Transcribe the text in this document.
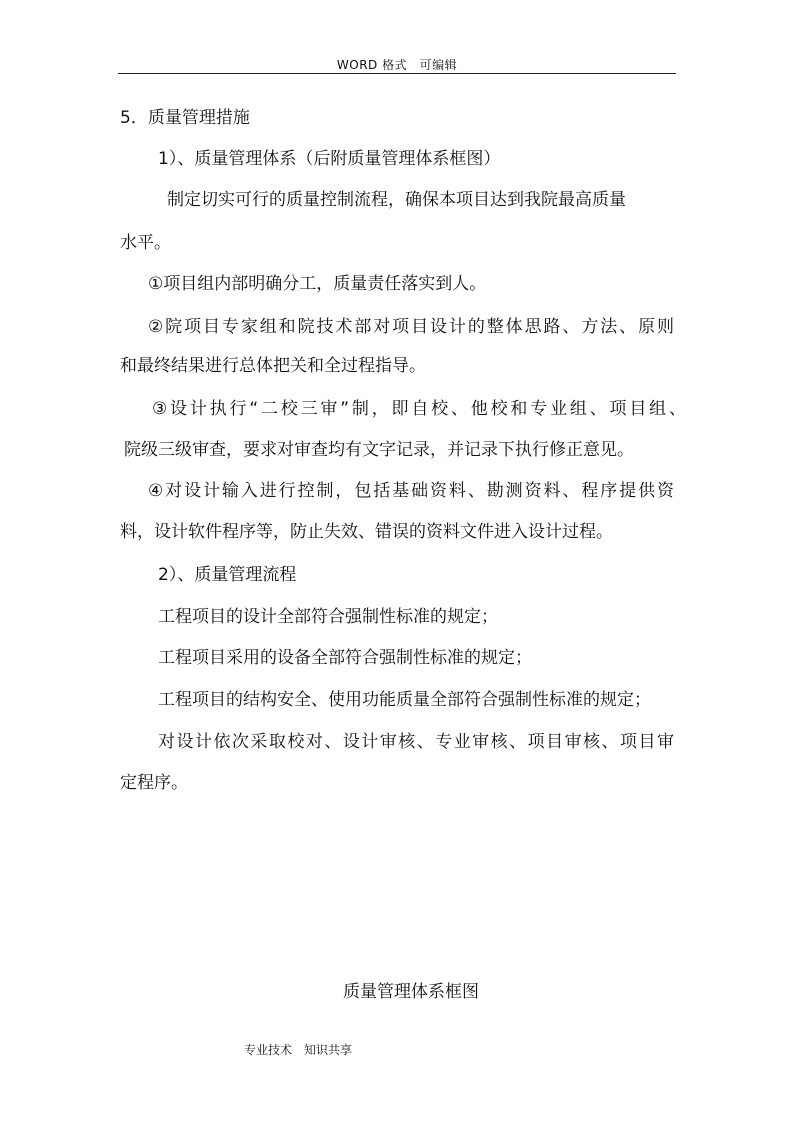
WORD 格式　可编辑
5．质量管理措施
1）、质量管理体系（后附质量管理体系框图）
制定切实可行的质量控制流程，确保本项目达到我院最高质量
水平。
①项目组内部明确分工，质量责任落实到人。
②院项目专家组和院技术部对项目设计的整体思路、方法、原则
和最终结果进行总体把关和全过程指导。
③设计执行“二校三审”制，即自校、他校和专业组、项目组、
院级三级审查，要求对审查均有文字记录，并记录下执行修正意见。
④对设计输入进行控制，包括基础资料、勘测资料、程序提供资
料，设计软件程序等，防止失效、错误的资料文件进入设计过程。
2）、质量管理流程
工程项目的设计全部符合强制性标准的规定；
工程项目采用的设备全部符合强制性标准的规定；
工程项目的结构安全、使用功能质量全部符合强制性标准的规定；
对设计依次采取校对、设计审核、专业审核、项目审核、项目审
定程序。
质量管理体系框图
专业技术　知识共享
